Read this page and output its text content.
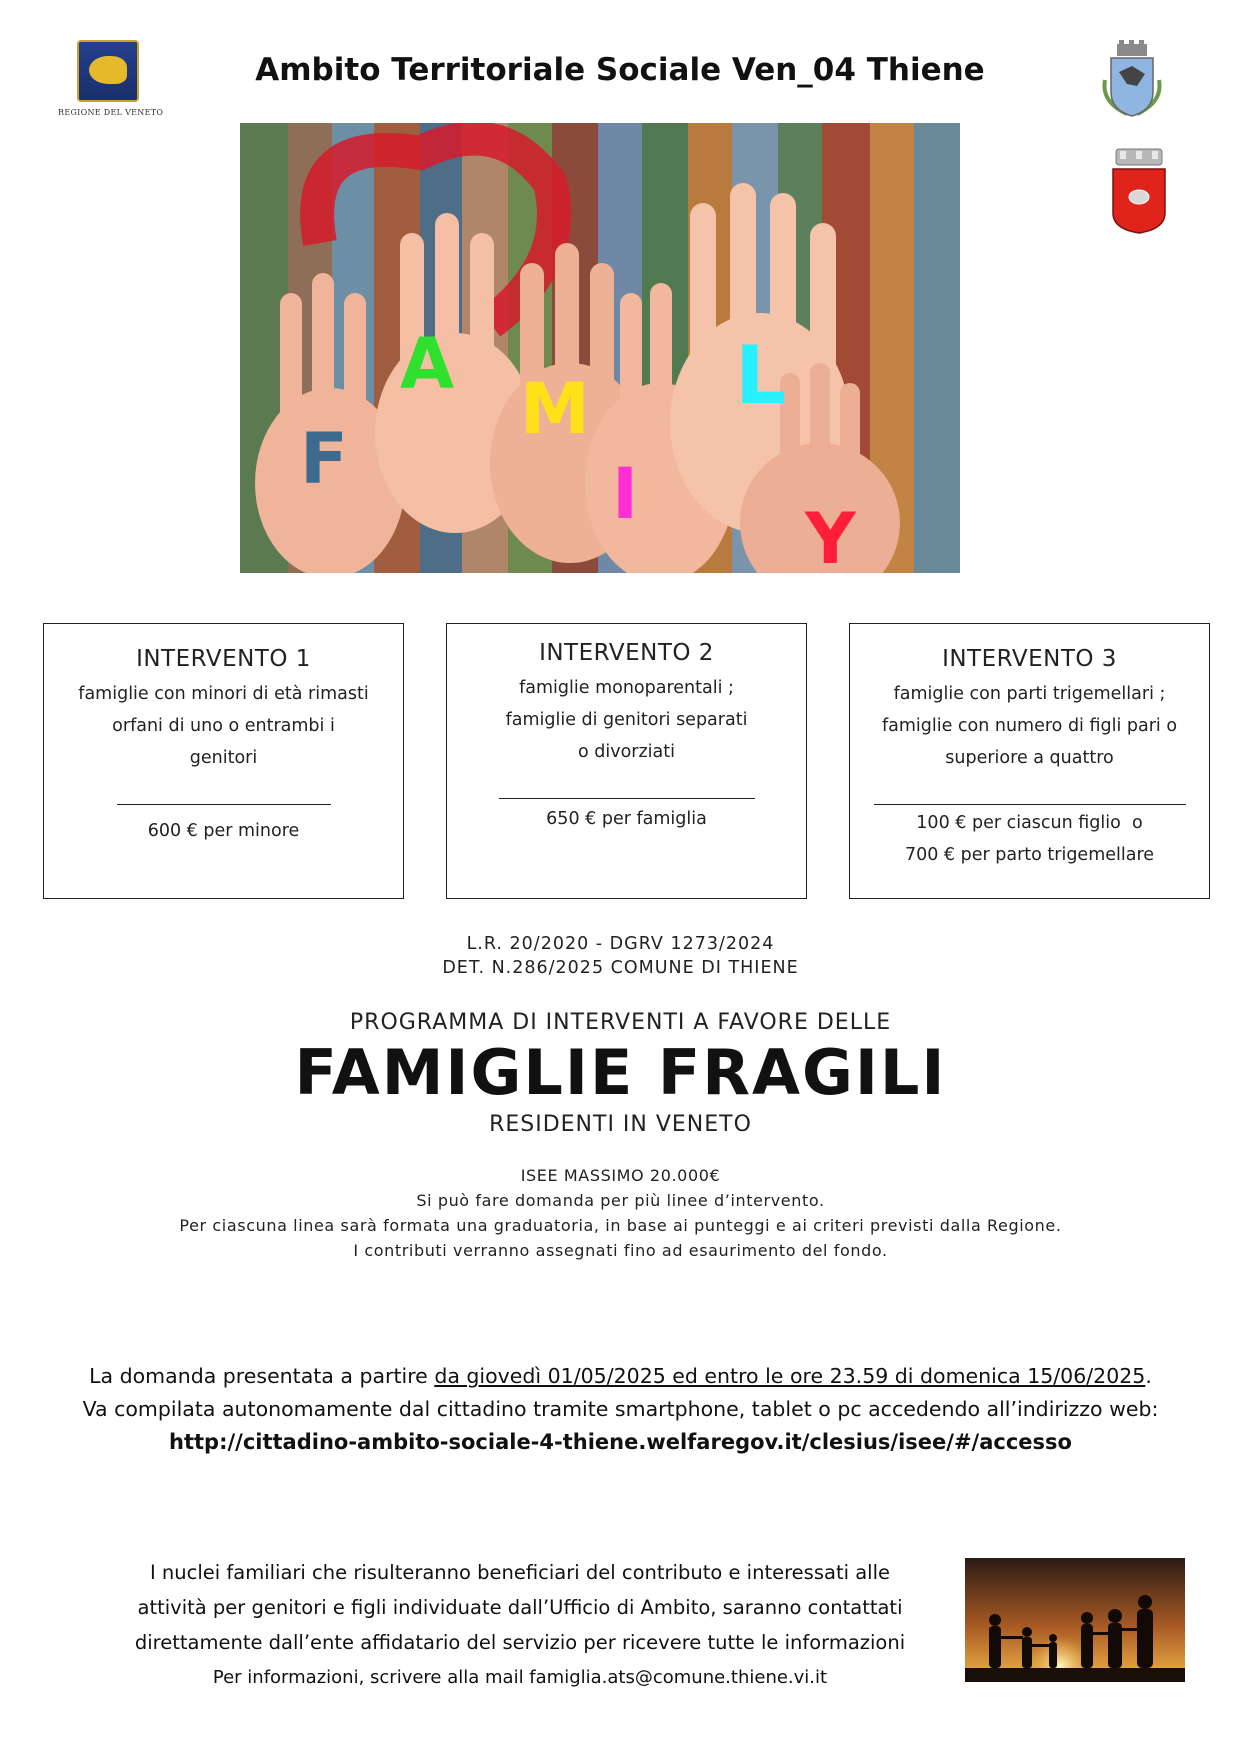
REGIONE DEL VENETO
Ambito Territoriale Sociale Ven_04 Thiene
F
A
M
I
L
Y
INTERVENTO 1
famiglie con minori di età rimasti
orfani di uno o entrambi i
genitori
600 € per minore
INTERVENTO 2
famiglie monoparentali ;
famiglie di genitori separati
o divorziati
650 € per famiglia
INTERVENTO 3
famiglie con parti trigemellari ;
famiglie con numero di figli pari o
superiore a quattro
100 € per ciascun figlio  o
700 € per parto trigemellare
L.R. 20/2020 - DGRV 1273/2024
DET. N.286/2025 COMUNE DI THIENE
PROGRAMMA DI INTERVENTI A FAVORE DELLE
FAMIGLIE FRAGILI
RESIDENTI IN VENETO
ISEE MASSIMO 20.000€
Si può fare domanda per più linee d’intervento.
Per ciascuna linea sarà formata una graduatoria, in base ai punteggi e ai criteri previsti dalla Regione.
I contributi verranno assegnati fino ad esaurimento del fondo.
La domanda presentata a partire da giovedì 01/05/2025 ed entro le ore 23.59 di domenica 15/06/2025.
Va compilata autonomamente dal cittadino tramite smartphone, tablet o pc accedendo all’indirizzo web:
http://cittadino-ambito-sociale-4-thiene.welfaregov.it/clesius/isee/#/accesso
I nuclei familiari che risulteranno beneficiari del contributo e interessati alle
attività per genitori e figli individuate dall’Ufficio di Ambito, saranno contattati
direttamente dall’ente affidatario del servizio per ricevere tutte le informazioni
Per informazioni, scrivere alla mail famiglia.ats@comune.thiene.vi.it
